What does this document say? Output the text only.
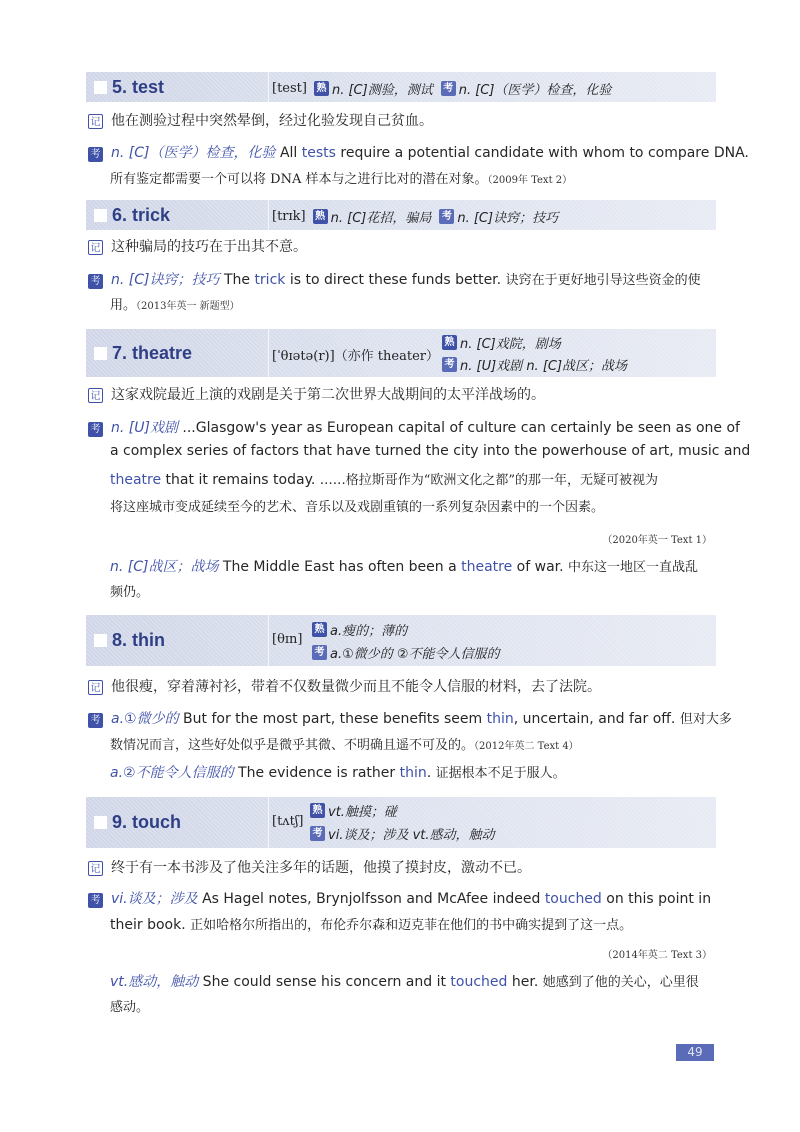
5. test	[test] 熟 n. [C]测验，测试 考 n. [C]（医学）检查，化验
记 他在测验过程中突然晕倒，经过化验发现自己贫血。
考 n. [C]（医学）检查，化验 All tests require a potential candidate with whom to compare DNA.
所有鉴定都需要一个可以将 DNA 样本与之进行比对的潜在对象。（2009年 Text 2）
6. trick	[trɪk] 熟 n. [C]花招，骗局 考 n. [C]诀窍；技巧
记 这种骗局的技巧在于出其不意。
考 n. [C]诀窍；技巧 The trick is to direct these funds better. 诀窍在于更好地引导这些资金的使
用。（2013年英一 新题型）
7. theatre	[ˈθɪətə(r)]（亦作 theater）
熟 n. [C]戏院，剧场
考 n. [U]戏剧
n. [C]战区；战场
记 这家戏院最近上演的戏剧是关于第二次世界大战期间的太平洋战场的。
考 n. [U]戏剧 ...Glasgow's year as European capital of culture can certainly be seen as one of
a complex series of factors that have turned the city into the powerhouse of art, music and
theatre that it remains today. ……格拉斯哥作为“欧洲文化之都”的那一年，无疑可被视为
将这座城市变成延续至今的艺术、音乐以及戏剧重镇的一系列复杂因素中的一个因素。
（2020年英一 Text 1）
n. [C]战区；战场 The Middle East has often been a theatre of war. 中东这一地区一直战乱
频仍。
8. thin	[θɪn]
熟 a.瘦的；薄的
考 a.①微少的 ②不能令人信服的
记 他很瘦，穿着薄衬衫，带着不仅数量微少而且不能令人信服的材料，去了法院。
考 a.①微少的 But for the most part, these benefits seem thin, uncertain, and far off. 但对大多
数情况而言，这些好处似乎是微乎其微、不明确且遥不可及的。（2012年英二 Text 4）
a.②不能令人信服的 The evidence is rather thin. 证据根本不足于服人。
9. touch	[tʌtʃ]
熟 vt.触摸；碰
考 vi.谈及；涉及 vt.感动，触动
记 终于有一本书涉及了他关注多年的话题，他摸了摸封皮，激动不已。
考 vi.谈及；涉及 As Hagel notes, Brynjolfsson and McAfee indeed touched on this point in
their book. 正如哈格尔所指出的，布伦乔尔森和迈克菲在他们的书中确实提到了这一点。
（2014年英二 Text 3）
vt.感动，触动 She could sense his concern and it touched her. 她感到了他的关心，心里很
感动。
49
